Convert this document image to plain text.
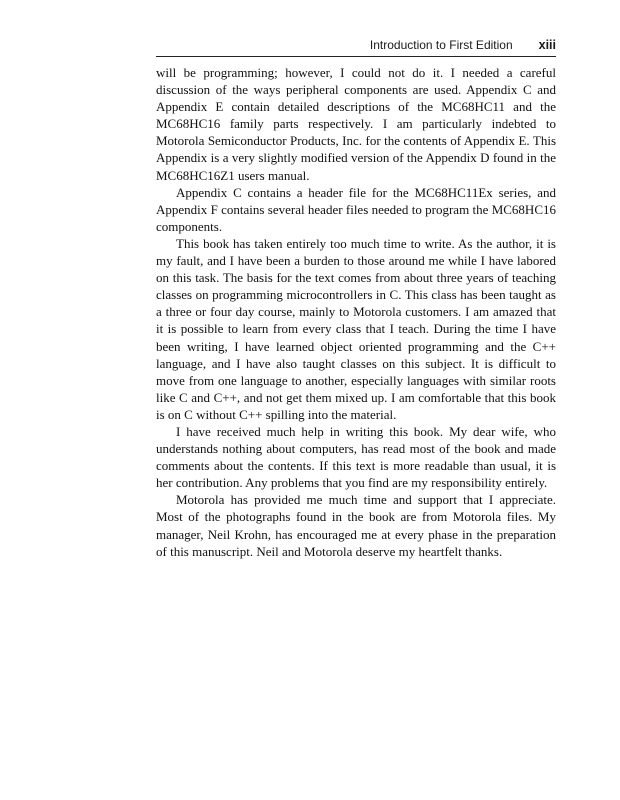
Introduction to First Edition xiii

will be programming; however, I could not do it. I needed a careful discussion of the ways peripheral components are used. Appendix C and Appendix E contain detailed descriptions of the MC68HC11 and the MC68HC16 family parts respectively. I am particularly indebted to Motorola Semiconductor Products, Inc. for the contents of Appendix E. This Appendix is a very slightly modified version of the Appendix D found in the MC68HC16Z1 users manual.

Appendix C contains a header file for the MC68HC11Ex series, and Appendix F contains several header files needed to program the MC68HC16 components.

This book has taken entirely too much time to write. As the author, it is my fault, and I have been a burden to those around me while I have labored on this task. The basis for the text comes from about three years of teaching classes on programming microcontrollers in C. This class has been taught as a three or four day course, mainly to Motorola customers. I am amazed that it is possible to learn from every class that I teach. During the time I have been writing, I have learned object oriented programming and the C++ language, and I have also taught classes on this subject. It is difficult to move from one language to another, especially languages with similar roots like C and C++, and not get them mixed up. I am comfortable that this book is on C without C++ spilling into the material.

I have received much help in writing this book. My dear wife, who understands nothing about computers, has read most of the book and made comments about the contents. If this text is more readable than usual, it is her contribution. Any problems that you find are my responsibility entirely.

Motorola has provided me much time and support that I appreciate. Most of the photographs found in the book are from Motorola files. My manager, Neil Krohn, has encouraged me at every phase in the preparation of this manuscript. Neil and Motorola deserve my heartfelt thanks.
